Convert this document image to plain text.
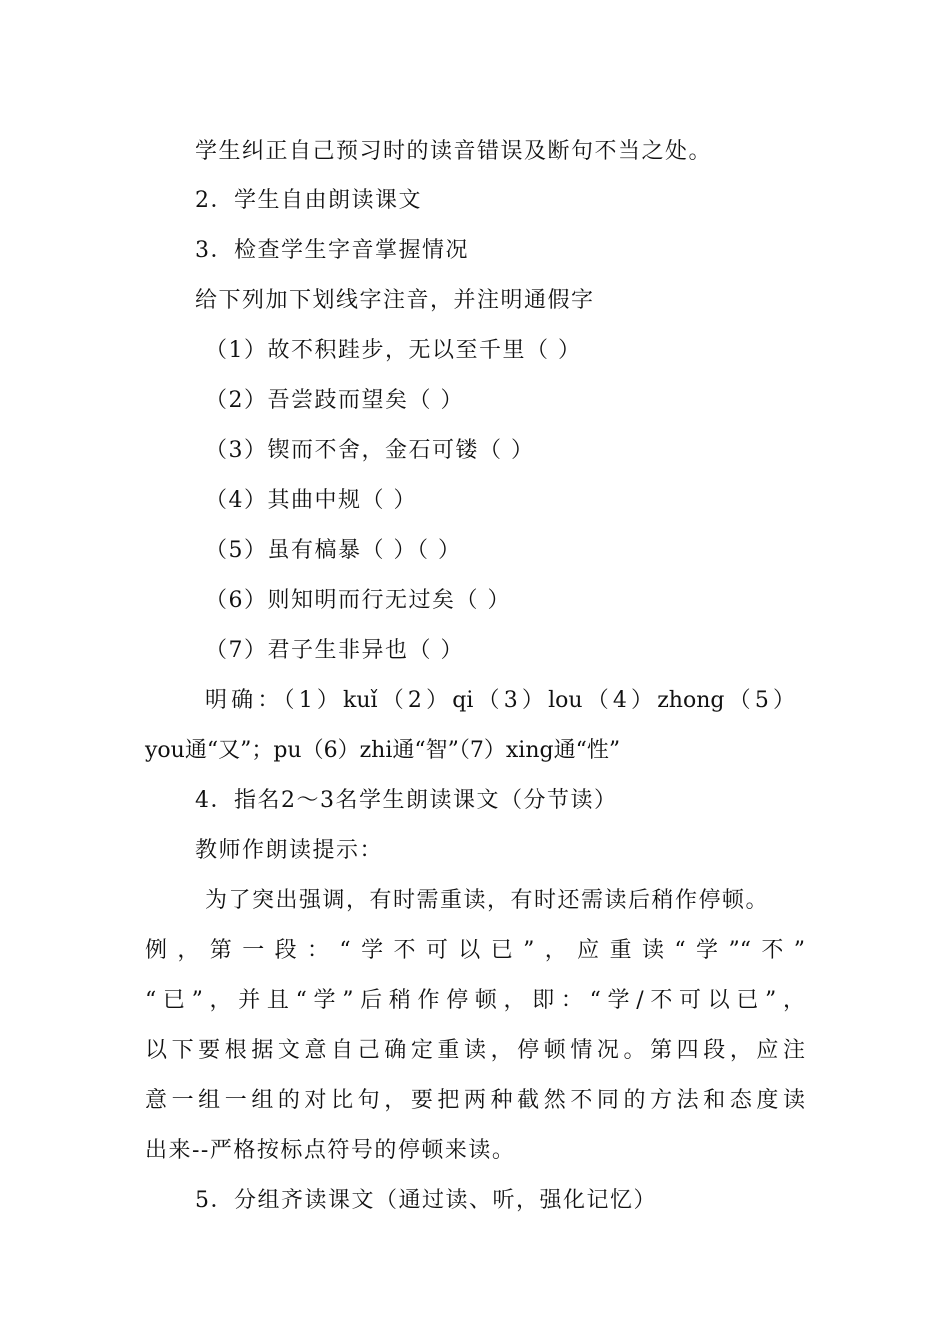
学生纠正自己预习时的读音错误及断句不当之处。
2．学生自由朗读课文
3．检查学生字音掌握情况
给下列加下划线字注音，并注明通假字
（1）故不积跬步，无以至千里（ ）
（2）吾尝跂而望矣（ ）
（3）锲而不舍，金石可镂（ ）
（4）其曲中规（ ）
（5）虽有槁暴（ ）（ ）
（6）则知明而行无过矣（ ）
（7）君子生非异也（ ）
明确：（1）kuǐ（2）qi（3）lou（4）zhong（5）
you通“又”；pu（6）zhi通“智”（7）xing通“性”
4．指名2～3名学生朗读课文（分节读）
教师作朗读提示：
为了突出强调，有时需重读，有时还需读后稍作停顿。
例，第一段：“学不可以已”，应重读“学”“不”
“已”，并且“学”后稍作停顿，即：“学/不可以已”，
以下要根据文意自己确定重读，停顿情况。第四段，应注
意一组一组的对比句，要把两种截然不同的方法和态度读
出来--严格按标点符号的停顿来读。
5．分组齐读课文（通过读、听，强化记忆）
